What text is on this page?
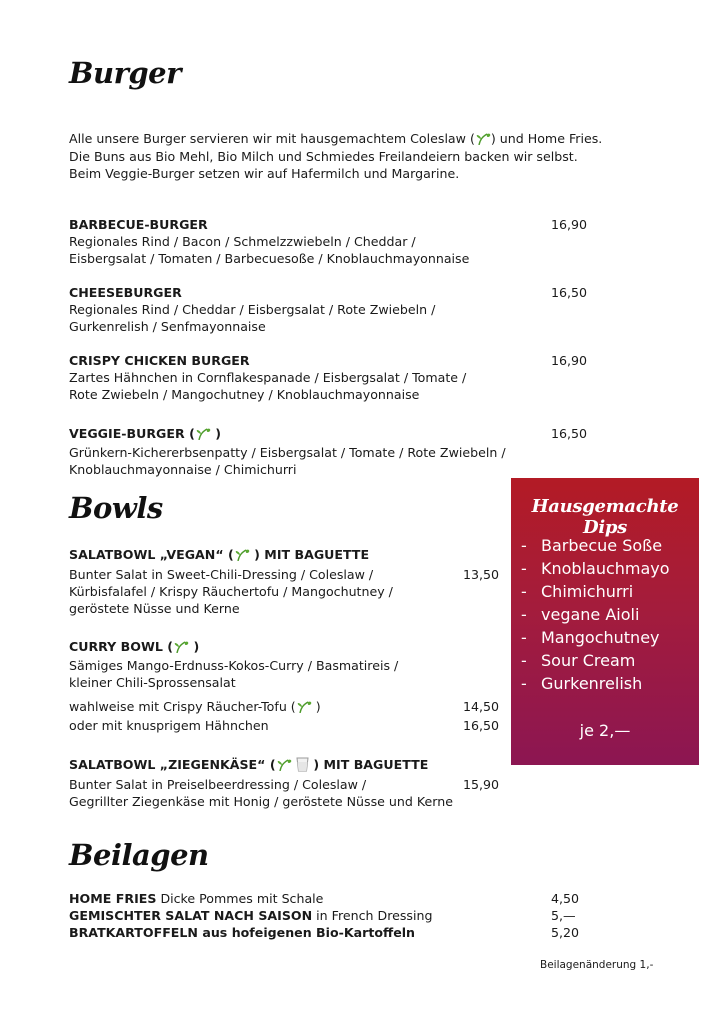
Burger
Alle unsere Burger servieren wir mit hausgemachtem Coleslaw ( ) und Home Fries.
Die Buns aus Bio Mehl, Bio Milch und Schmiedes Freilandeiern backen wir selbst.
Beim Veggie-Burger setzen wir auf Hafermilch und Margarine.
BARBECUE-BURGER	16,90
Regionales Rind / Bacon / Schmelzzwiebeln / Cheddar /
Eisbergsalat / Tomaten / Barbecuesoße / Knoblauchmayonnaise
CHEESEBURGER	16,50
Regionales Rind / Cheddar / Eisbergsalat / Rote Zwiebeln /
Gurkenrelish / Senfmayonnaise
CRISPY CHICKEN BURGER	16,90
Zartes Hähnchen in Cornflakespanade / Eisbergsalat / Tomate /
Rote Zwiebeln / Mangochutney / Knoblauchmayonnaise
VEGGIE-BURGER ( )	16,50
Grünkern-Kichererbsenpatty / Eisbergsalat / Tomate / Rote Zwiebeln /
Knoblauchmayonnaise / Chimichurri
Bowls
SALATBOWL „VEGAN“ ( ) MIT BAGUETTE
Bunter Salat in Sweet-Chili-Dressing / Coleslaw /	13,50
Kürbisfalafel / Krispy Räuchertofu / Mangochutney /
geröstete Nüsse und Kerne
CURRY BOWL ( )
Sämiges Mango-Erdnuss-Kokos-Curry / Basmatireis /
kleiner Chili-Sprossensalat
wahlweise mit Crispy Räucher-Tofu ( )	14,50
oder mit knusprigem Hähnchen	16,50
SALATBOWL „ZIEGENKÄSE“ (	) MIT BAGUETTE
Bunter Salat in Preiselbeerdressing / Coleslaw /	15,90
Gegrillter Ziegenkäse mit Honig / geröstete Nüsse und Kerne
Beilagen
HOME FRIES Dicke Pommes mit Schale	4,50
GEMISCHTER SALAT NACH SAISON in French Dressing	5,—
BRATKARTOFFELN aus hofeigenen Bio-Kartoffeln	5,20
Beilagenänderung 1,-
Hausgemachte Dips
- Barbecue Soße
- Knoblauchmayo
- Chimichurri
- vegane Aioli
- Mangochutney
- Sour Cream
- Gurkenrelish
je 2,—
